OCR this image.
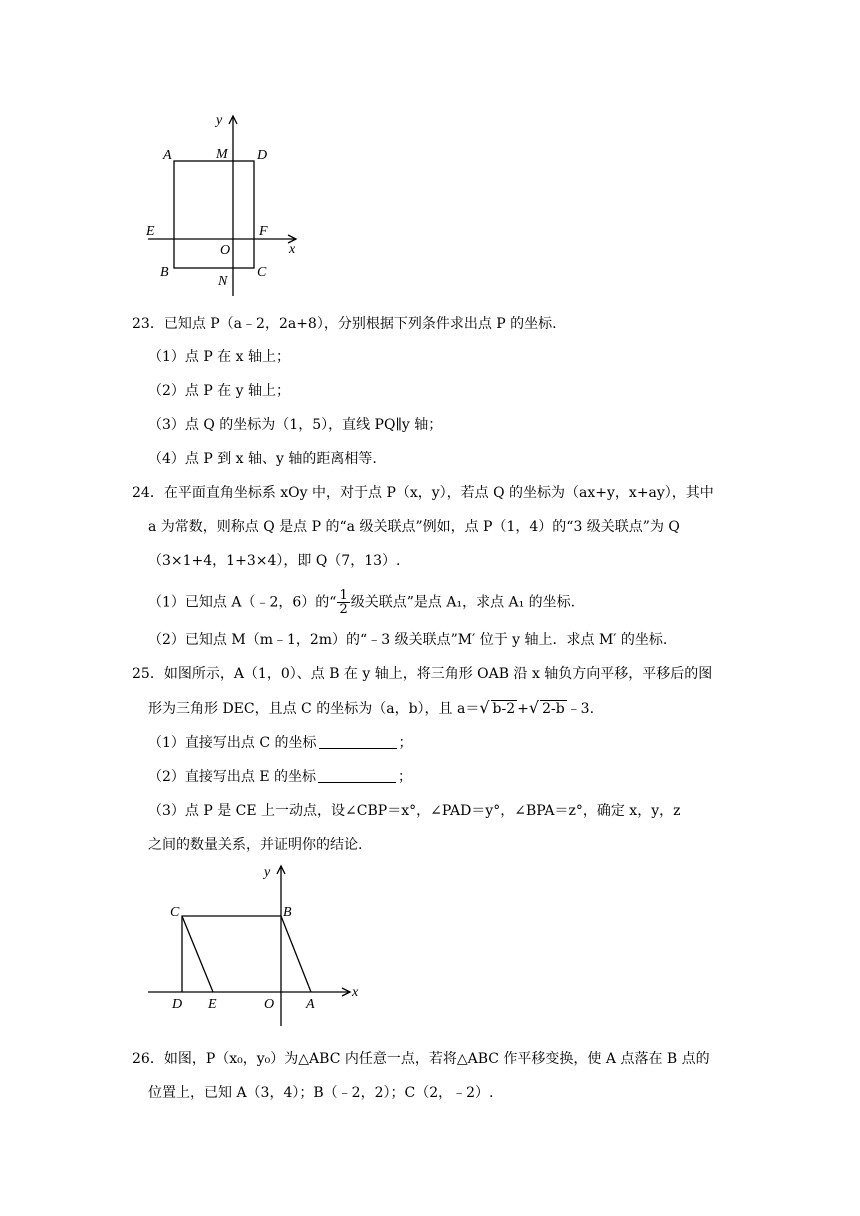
y
x
A	M D
E
O
F
B
N
C
23．已知点 P（a﹣2，2a+8），分别根据下列条件求出点 P 的坐标.
（1）点 P 在 x 轴上；
（2）点 P 在 y 轴上；
（3）点 Q 的坐标为（1，5），直线 PQ∥y 轴；
（4）点 P 到 x 轴、y 轴的距离相等.
24．在平面直角坐标系 xOy 中，对于点 P（x，y），若点 Q 的坐标为（ax+y，x+ay），其中
a 为常数，则称点 Q 是点 P 的“a 级关联点”例如，点 P（1，4）的“3 级关联点”为 Q
（3×1+4，1+3×4），即 Q（7，13）.
（1）已知点 A（﹣2，6）的“ $\frac{1}{2}$ 级关联点”是点 A₁，求点 A₁ 的坐标.
（2）已知点 M（m﹣1，2m）的“﹣3 级关联点”M′ 位于 y 轴上．求点 M′ 的坐标.
25．如图所示，A（1，0）、点 B 在 y 轴上，将三角形 OAB 沿 x 轴负方向平移，平移后的图
形为三角形 DEC，且点 C 的坐标为（a，b），且 a＝√ b-2 +√ 2-b ﹣3.
（1）直接写出点 C 的坐标	；
（2）直接写出点 E 的坐标	；
（3）点 P 是 CE 上一动点，设∠CBP＝x°，∠PAD＝y°，∠BPA＝z°，确定 x，y，z
之间的数量关系，并证明你的结论.
y
x
C	B
D E	O A
26．如图，P（x₀，y₀）为△ABC 内任意一点，若将△ABC 作平移变换，使 A 点落在 B 点的
位置上，已知 A（3，4）；B（﹣2，2）；C（2，﹣2）.
